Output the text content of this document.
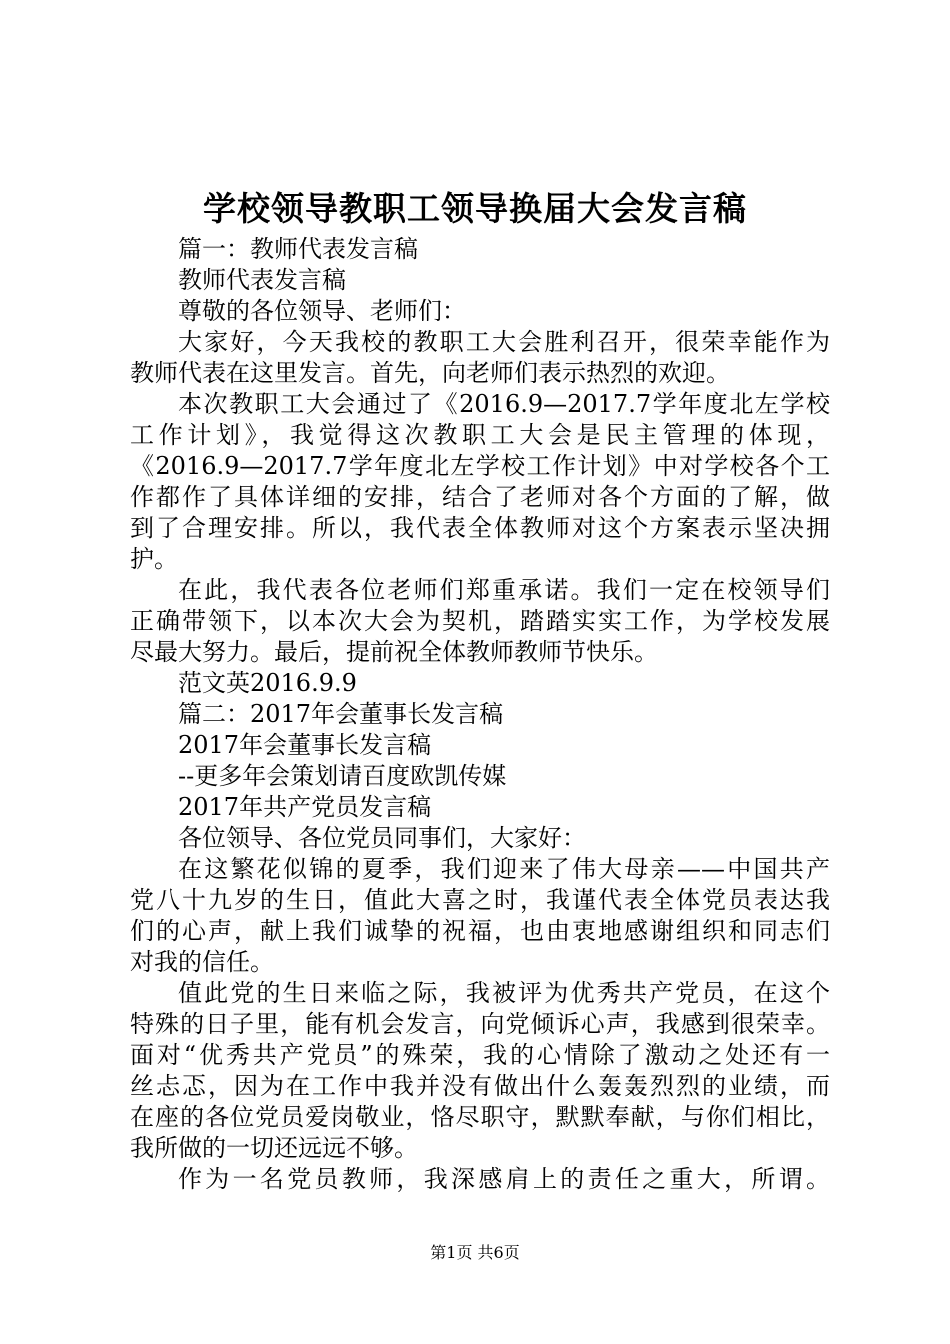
学校领导教职工领导换届大会发言稿

篇一：教师代表发言稿

教师代表发言稿

尊敬的各位领导、老师们：

大家好，今天我校的教职工大会胜利召开，很荣幸能作为

教师代表在这里发言。首先，向老师们表示热烈的欢迎。

本次教职工大会通过了《2016.9—2017.7学年度北左学校

工作计划》，我觉得这次教职工大会是民主管理的体现，

《2016.9—2017.7学年度北左学校工作计划》中对学校各个工

作都作了具体详细的安排，结合了老师对各个方面的了解，做

到了合理安排。所以，我代表全体教师对这个方案表示坚决拥

护。

在此，我代表各位老师们郑重承诺。我们一定在校领导们

正确带领下，以本次大会为契机，踏踏实实工作，为学校发展

尽最大努力。最后，提前祝全体教师教师节快乐。

范文英2016.9.9

篇二：2017年会董事长发言稿

2017年会董事长发言稿

--更多年会策划请百度欧凯传媒

2017年共产党员发言稿

各位领导、各位党员同事们，大家好：

在这繁花似锦的夏季，我们迎来了伟大母亲——中国共产

党八十九岁的生日，值此大喜之时，我谨代表全体党员表达我

们的心声，献上我们诚挚的祝福，也由衷地感谢组织和同志们

对我的信任。

值此党的生日来临之际，我被评为优秀共产党员，在这个

特殊的日子里，能有机会发言，向党倾诉心声，我感到很荣幸。

面对“优秀共产党员”的殊荣，我的心情除了激动之处还有一

丝忐忑，因为在工作中我并没有做出什么轰轰烈烈的业绩，而

在座的各位党员爱岗敬业，恪尽职守，默默奉献，与你们相比，

我所做的一切还远远不够。

作为一名党员教师，我深感肩上的责任之重大，所谓。

第1页 共6页
